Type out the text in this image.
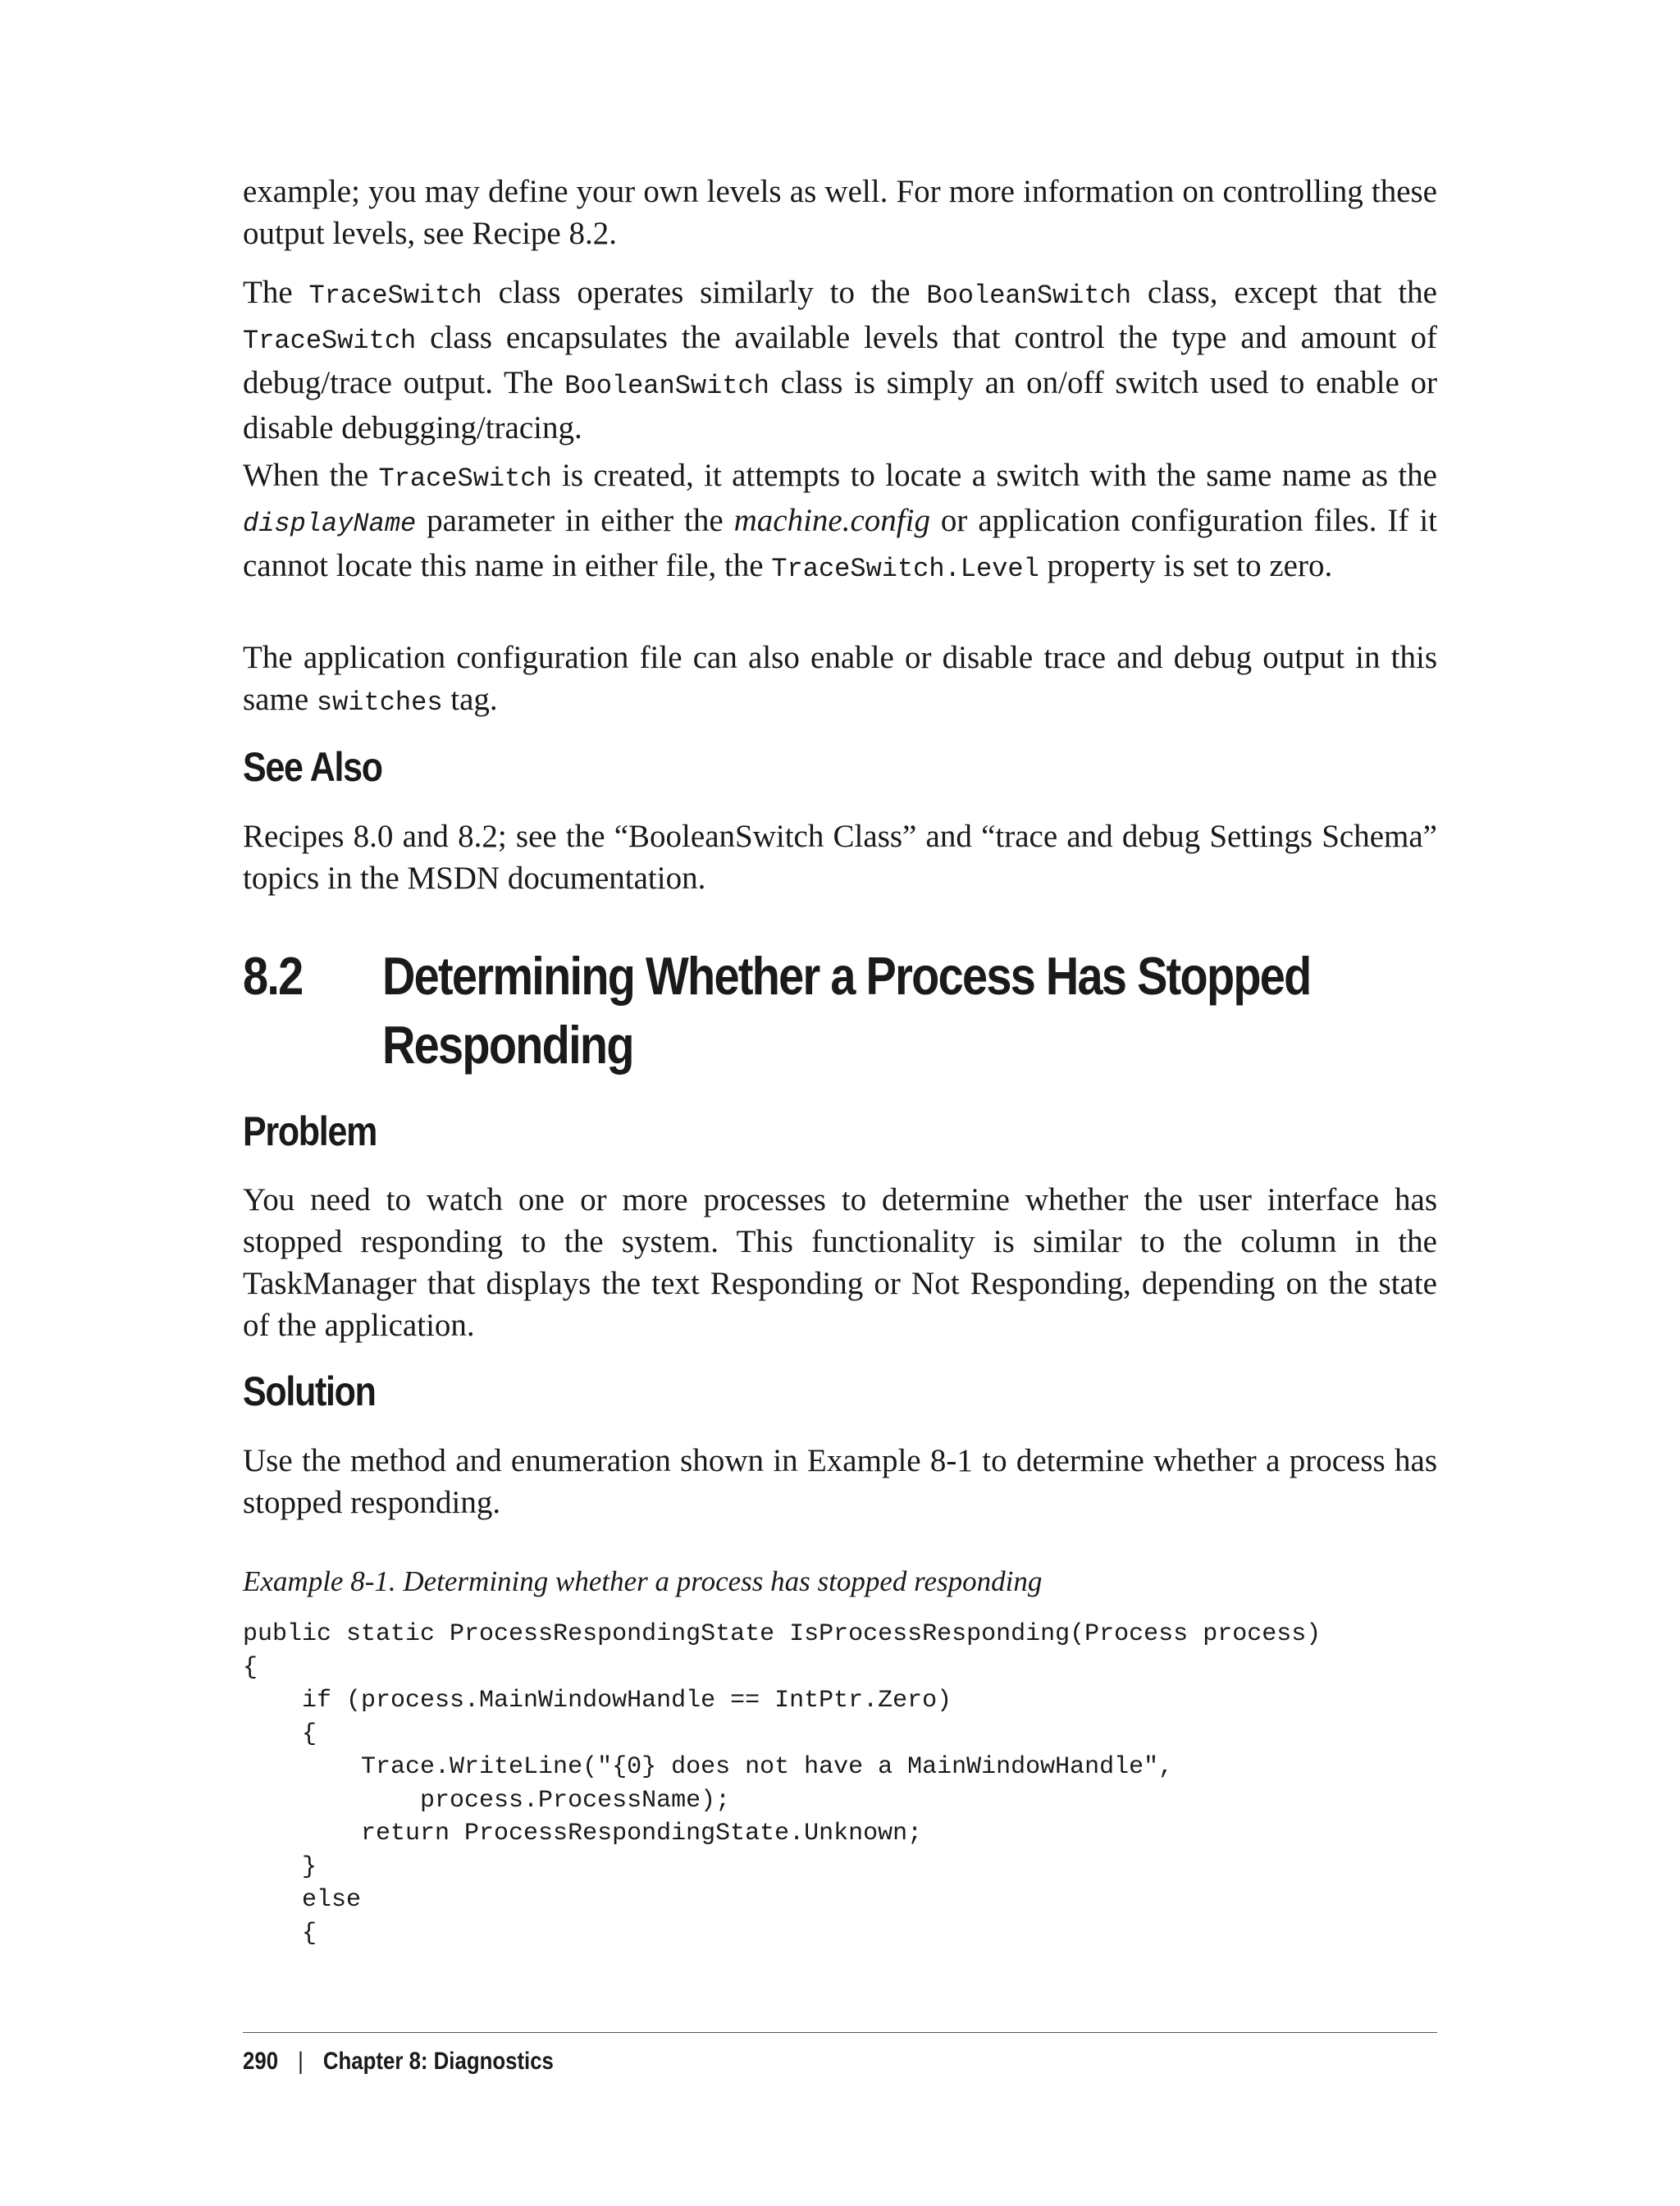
example; you may define your own levels as well. For more information on controlling these output levels, see Recipe 8.2.

The TraceSwitch class operates similarly to the BooleanSwitch class, except that the TraceSwitch class encapsulates the available levels that control the type and amount of debug/trace output. The BooleanSwitch class is simply an on/off switch used to enable or disable debugging/tracing.

When the TraceSwitch is created, it attempts to locate a switch with the same name as the displayName parameter in either the machine.config or application configuration files. If it cannot locate this name in either file, the TraceSwitch.Level property is set to zero.

The application configuration file can also enable or disable trace and debug output in this same switches tag.

See Also

Recipes 8.0 and 8.2; see the “BooleanSwitch Class” and “trace and debug Settings Schema” topics in the MSDN documentation.

8.2 Determining Whether a Process Has Stopped
Responding
Problem

You need to watch one or more processes to determine whether the user interface has stopped responding to the system. This functionality is similar to the column in the TaskManager that displays the text Responding or Not Responding, depending on the state of the application.

Solution

Use the method and enumeration shown in Example 8-1 to determine whether a process has stopped responding.

Example 8-1. Determining whether a process has stopped responding
public static ProcessRespondingState IsProcessResponding(Process process)
{
if (process.MainWindowHandle == IntPtr.Zero)
{
Trace.WriteLine("{0} does not have a MainWindowHandle",
process.ProcessName);
return ProcessRespondingState.Unknown;
}
else
{
290 | Chapter 8: Diagnostics
